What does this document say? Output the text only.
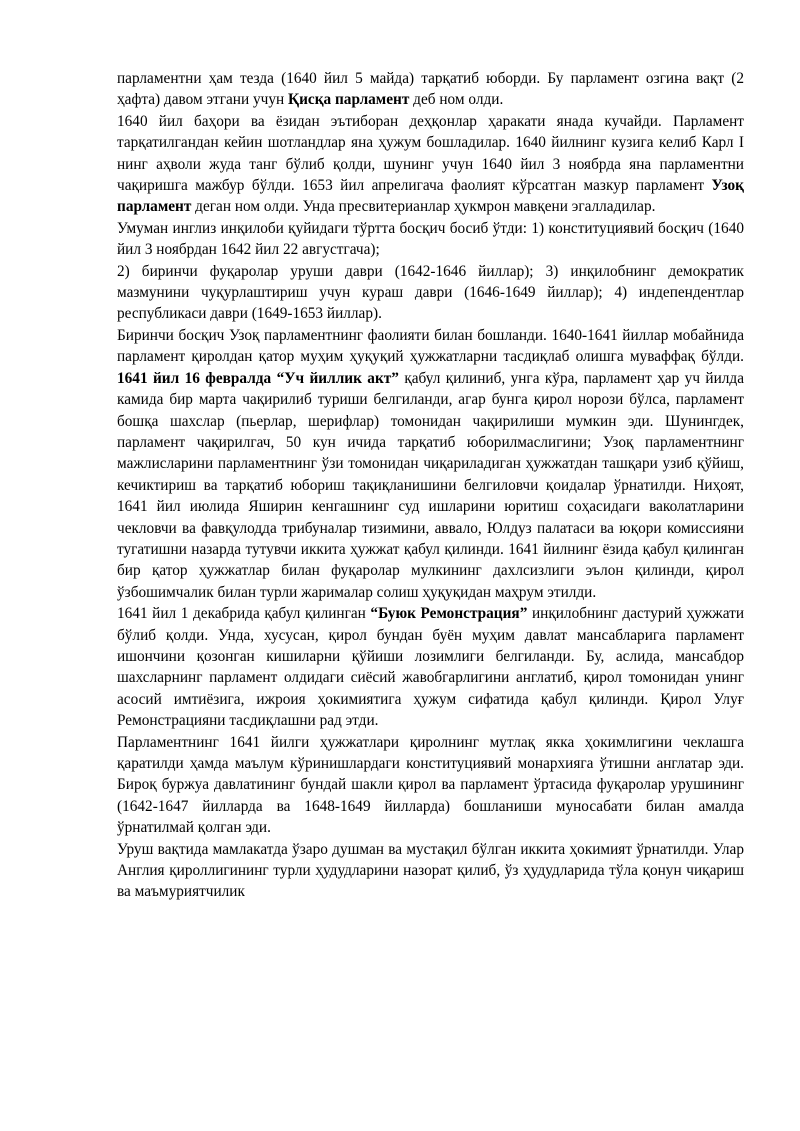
парламентни ҳам тезда (1640 йил 5 майда) тарқатиб юборди. Бу парламент озгина вақт (2 ҳафта) давом этгани учун Қисқа парламент деб ном олди.

1640 йил баҳори ва ёзидан эътиборан деҳқонлар ҳаракати янада кучайди. Парламент тарқатилгандан кейин шотландлар яна ҳужум бошладилар. 1640 йилнинг кузига келиб Карл I нинг аҳволи жуда танг бўлиб қолди, шунинг учун 1640 йил 3 ноябрда яна парламентни чақиришга мажбур бўлди. 1653 йил апрелигача фаолият кўрсатган мазкур парламент Узоқ парламент деган ном олди. Унда пресвитерианлар ҳукмрон мавқени эгалладилар.

Умуман инглиз инқилоби қуйидаги тўртта босқич босиб ўтди: 1) конституциявий босқич (1640 йил 3 ноябрдан 1642 йил 22 августгача);

2) биринчи фуқаролар уруши даври (1642-1646 йиллар); 3) инқилобнинг демократик мазмунини чуқурлаштириш учун кураш даври (1646-1649 йиллар); 4) индепендентлар республикаси даври (1649-1653 йиллар).

Биринчи босқич Узоқ парламентнинг фаолияти билан бошланди. 1640-1641 йиллар мобайнида парламент қиролдан қатор муҳим ҳуқуқий ҳужжатларни тасдиқлаб олишга муваффақ бўлди. 1641 йил 16 февралда “Уч йиллик акт” қабул қилиниб, унга кўра, парламент ҳар уч йилда камида бир марта чақирилиб туриши белгиланди, агар бунга қирол норози бўлса, парламент бошқа шахслар (пьерлар, шерифлар) томонидан чақирилиши мумкин эди. Шунингдек, парламент чақирилгач, 50 кун ичида тарқатиб юборилмаслигини; Узоқ парламентнинг мажлисларини парламентнинг ўзи томонидан чиқариладиган ҳужжатдан ташқари узиб қўйиш, кечиктириш ва тарқатиб юбориш тақиқланишини белгиловчи қоидалар ўрнатилди. Ниҳоят, 1641 йил июлида Яширин кенгашнинг суд ишларини юритиш соҳасидаги ваколатларини чекловчи ва фавқулодда трибуналар тизимини, аввало, Юлдуз палатаси ва юқори комиссияни тугатишни назарда тутувчи иккита ҳужжат қабул қилинди. 1641 йилнинг ёзида қабул қилинган бир қатор ҳужжатлар билан фуқаролар мулкининг дахлсизлиги эълон қилинди, қирол ўзбошимчалик билан турли жарималар солиш ҳуқуқидан маҳрум этилди.

1641 йил 1 декабрида қабул қилинган “Буюк Ремонстрация” инқилобнинг дастурий ҳужжати бўлиб қолди. Унда, хусусан, қирол бундан буён муҳим давлат мансабларига парламент ишончини қозонган кишиларни қўйиши лозимлиги белгиланди. Бу, аслида, мансабдор шахсларнинг парламент олдидаги сиёсий жавобгарлигини англатиб, қирол томонидан унинг асосий имтиёзига, ижроия ҳокимиятига ҳужум сифатида қабул қилинди. Қирол Улуғ Ремонстрацияни тасдиқлашни рад этди.

Парламентнинг 1641 йилги ҳужжатлари қиролнинг мутлақ якка ҳокимлигини чеклашга қаратилди ҳамда маълум кўринишлардаги конституциявий монархияга ўтишни англатар эди. Бироқ буржуа давлатининг бундай шакли қирол ва парламент ўртасида фуқаролар урушининг (1642-1647 йилларда ва 1648-1649 йилларда) бошланиши муносабати билан амалда ўрнатилмай қолган эди.

Уруш вақтида мамлакатда ўзаро душман ва мустақил бўлган иккита ҳокимият ўрнатилди. Улар Англия қироллигининг турли ҳудудларини назорат қилиб, ўз ҳудудларида тўла қонун чиқариш ва маъмуриятчилик
